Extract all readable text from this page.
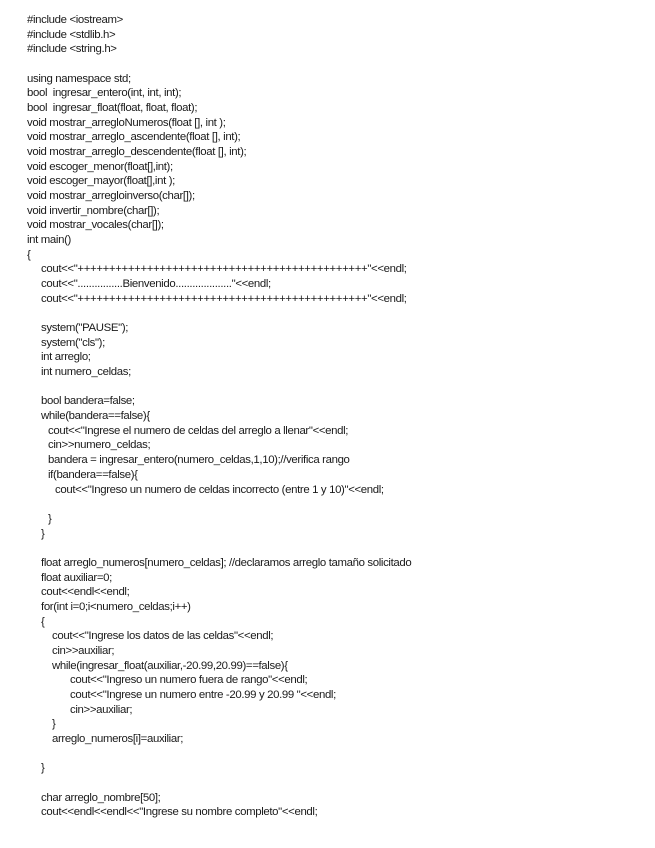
#include <iostream>
#include <stdlib.h>
#include <string.h>
using namespace std;
bool  ingresar_entero(int, int, int);
bool  ingresar_float(float, float, float);
void mostrar_arregloNumeros(float [], int );
void mostrar_arreglo_ascendente(float [], int);
void mostrar_arreglo_descendente(float [], int);
void escoger_menor(float[],int);
void escoger_mayor(float[],int );
void mostrar_arregloinverso(char[]);
void invertir_nombre(char[]);
void mostrar_vocales(char[]);
int main()
{
cout<<"++++++++++++++++++++++++++++++++++++++++++++++"<<endl;
cout<<"................Bienvenido...................."<<endl;
cout<<"++++++++++++++++++++++++++++++++++++++++++++++"<<endl;
system("PAUSE");
system("cls");
int arreglo;
int numero_celdas;
bool bandera=false;
while(bandera==false){
cout<<"Ingrese el numero de celdas del arreglo a llenar"<<endl;
cin>>numero_celdas;
bandera = ingresar_entero(numero_celdas,1,10);//verifica rango
if(bandera==false){
cout<<"Ingreso un numero de celdas incorrecto (entre 1 y 10)"<<endl;
}
}
float arreglo_numeros[numero_celdas]; //declaramos arreglo tamaño solicitado
float auxiliar=0;
cout<<endl<<endl;
for(int i=0;i<numero_celdas;i++)
{
cout<<"Ingrese los datos de las celdas"<<endl;
cin>>auxiliar;
while(ingresar_float(auxiliar,-20.99,20.99)==false){
cout<<"Ingreso un numero fuera de rango"<<endl;
cout<<"Ingrese un numero entre -20.99 y 20.99 "<<endl;
cin>>auxiliar;
}
arreglo_numeros[i]=auxiliar;
}
char arreglo_nombre[50];
cout<<endl<<endl<<"Ingrese su nombre completo"<<endl;
